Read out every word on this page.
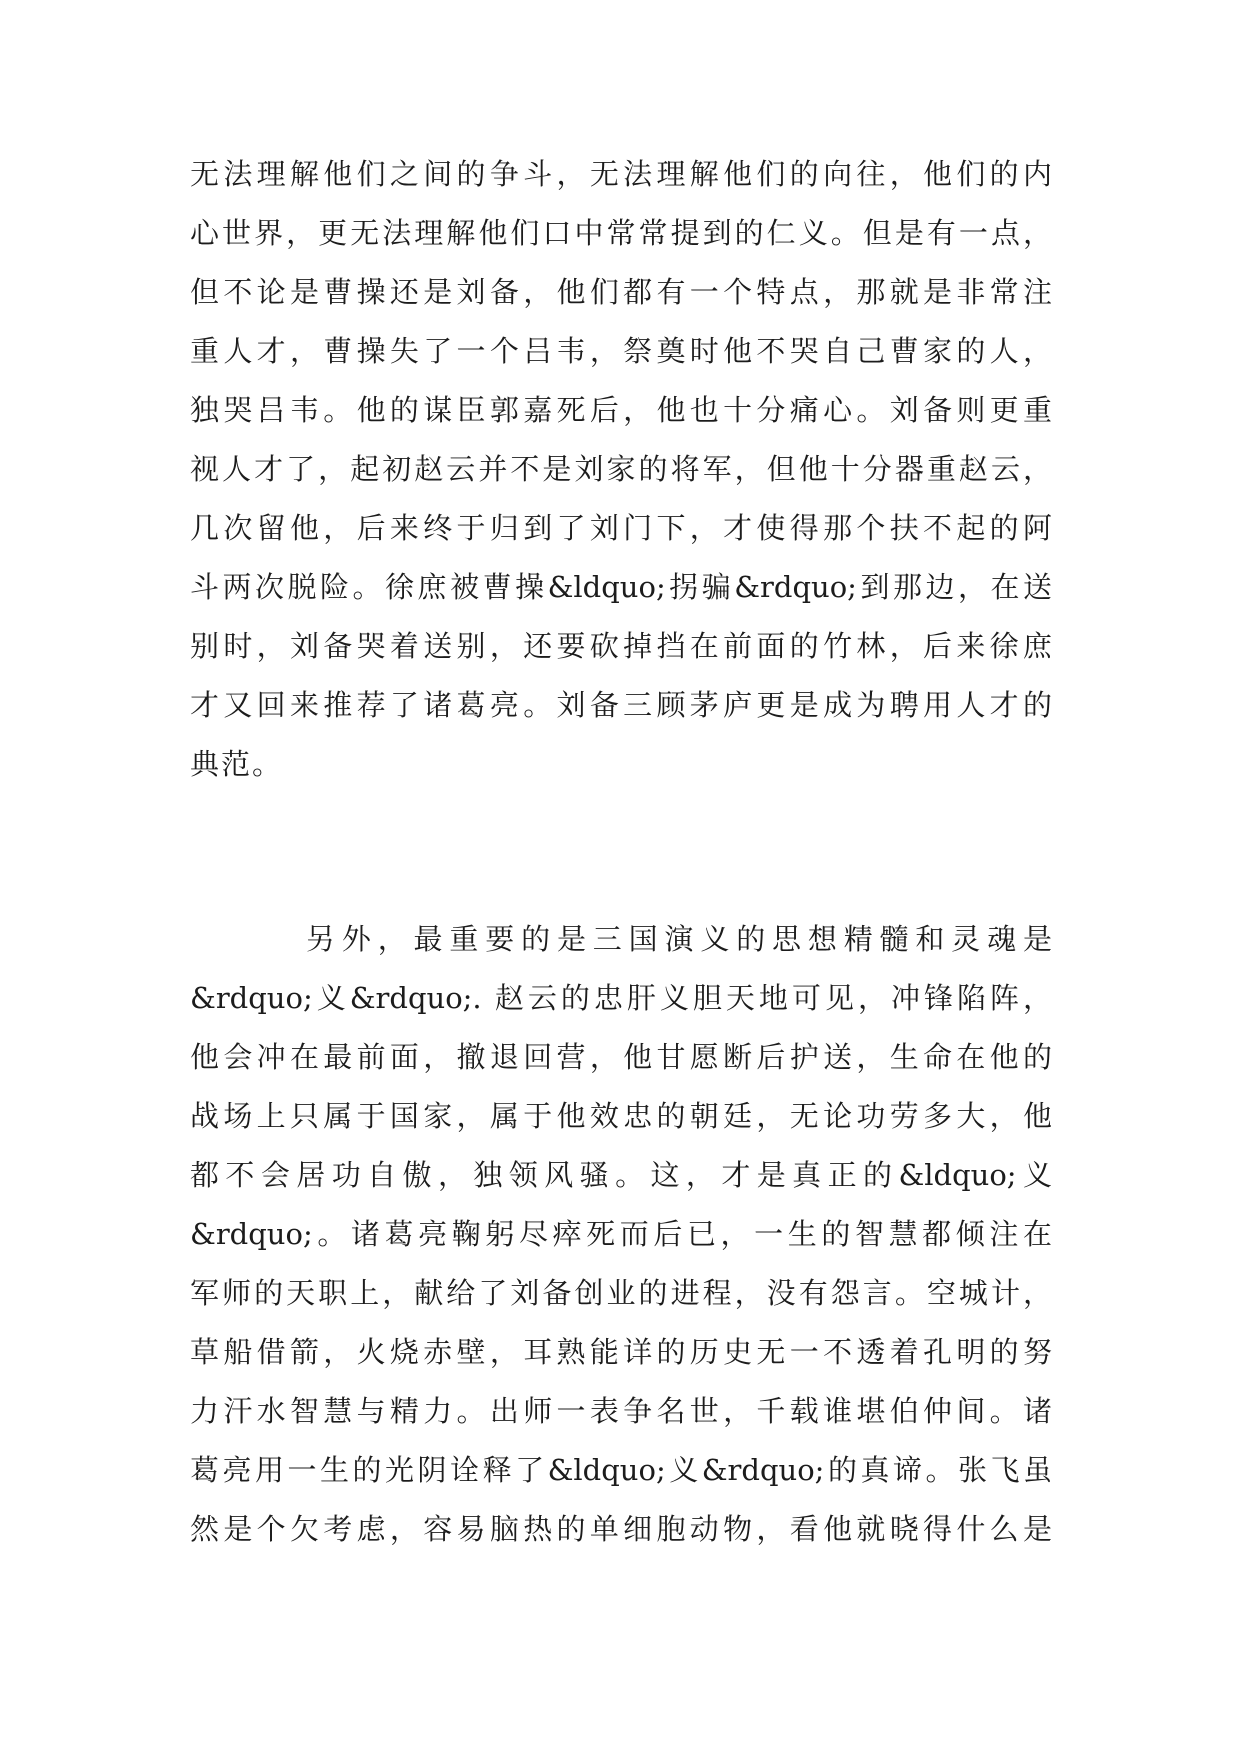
无法理解他们之间的争斗，无法理解他们的向往，他们的内

心世界，更无法理解他们口中常常提到的仁义。但是有一点，

但不论是曹操还是刘备，他们都有一个特点，那就是非常注

重人才，曹操失了一个吕韦，祭奠时他不哭自己曹家的人，

独哭吕韦。他的谋臣郭嘉死后，他也十分痛心。刘备则更重

视人才了，起初赵云并不是刘家的将军，但他十分器重赵云，

几次留他，后来终于归到了刘门下，才使得那个扶不起的阿

斗两次脱险。徐庶被曹操&ldquo;拐骗&rdquo;到那边，在送

别时，刘备哭着送别，还要砍掉挡在前面的竹林，后来徐庶

才又回来推荐了诸葛亮。刘备三顾茅庐更是成为聘用人才的

典范。

另外，最重要的是三国演义的思想精髓和灵魂是

&rdquo;义&rdquo;. 赵云的忠肝义胆天地可见，冲锋陷阵，

他会冲在最前面，撤退回营，他甘愿断后护送，生命在他的

战场上只属于国家，属于他效忠的朝廷，无论功劳多大，他

都不会居功自傲，独领风骚。这，才是真正的&ldquo;义

&rdquo;。诸葛亮鞠躬尽瘁死而后已，一生的智慧都倾注在

军师的天职上，献给了刘备创业的进程，没有怨言。空城计，

草船借箭，火烧赤壁，耳熟能详的历史无一不透着孔明的努

力汗水智慧与精力。出师一表争名世，千载谁堪伯仲间。诸

葛亮用一生的光阴诠释了&ldquo;义&rdquo;的真谛。张飞虽

然是个欠考虑，容易脑热的单细胞动物，看他就晓得什么是
